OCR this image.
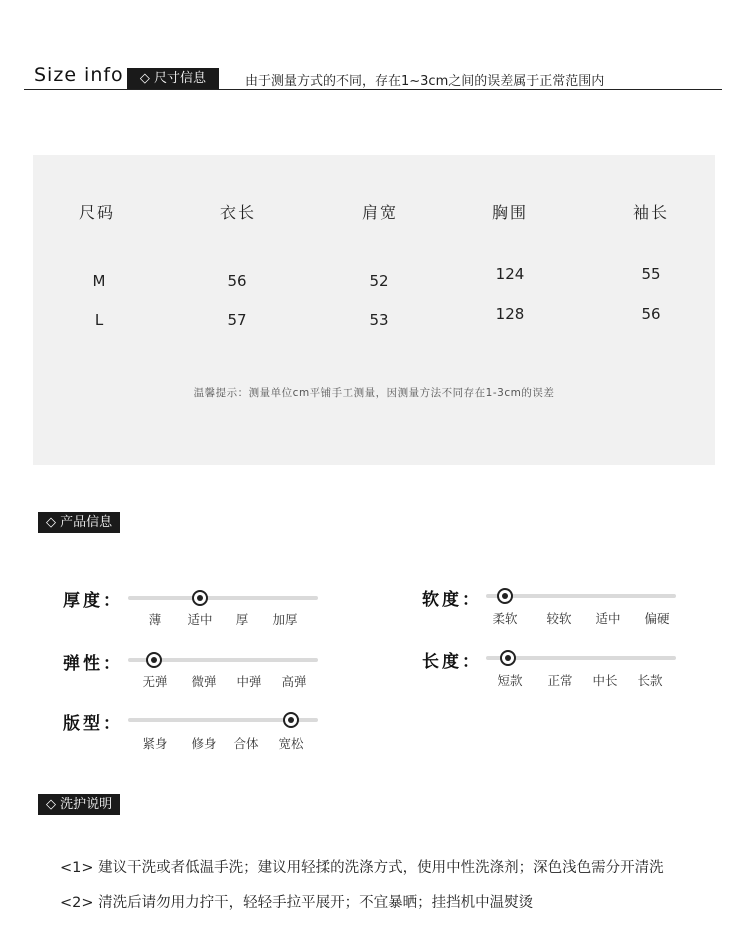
Size info	◇ 尺寸信息	由于测量方式的不同，存在1~3cm之间的误差属于正常范围内
尺码	衣长	肩宽	胸围	袖长
M	56	52	124	55
L	57	53	128	56
温馨提示：测量单位cm平铺手工测量，因测量方法不同存在1-3cm的误差
◇ 产品信息
厚度：
薄 适中 厚 加厚
软度：
柔软 较软 适中 偏硬
弹性：
无弹 微弹 中弹 高弹
长度：
短款 正常 中长 长款
版型：
紧身 修身 合体 宽松
◇ 洗护说明
<1> 建议干洗或者低温手洗；建议用轻揉的洗涤方式，使用中性洗涤剂；深色浅色需分开清洗
<2> 清洗后请勿用力拧干，轻轻手拉平展开；不宜暴晒；挂挡机中温熨烫
